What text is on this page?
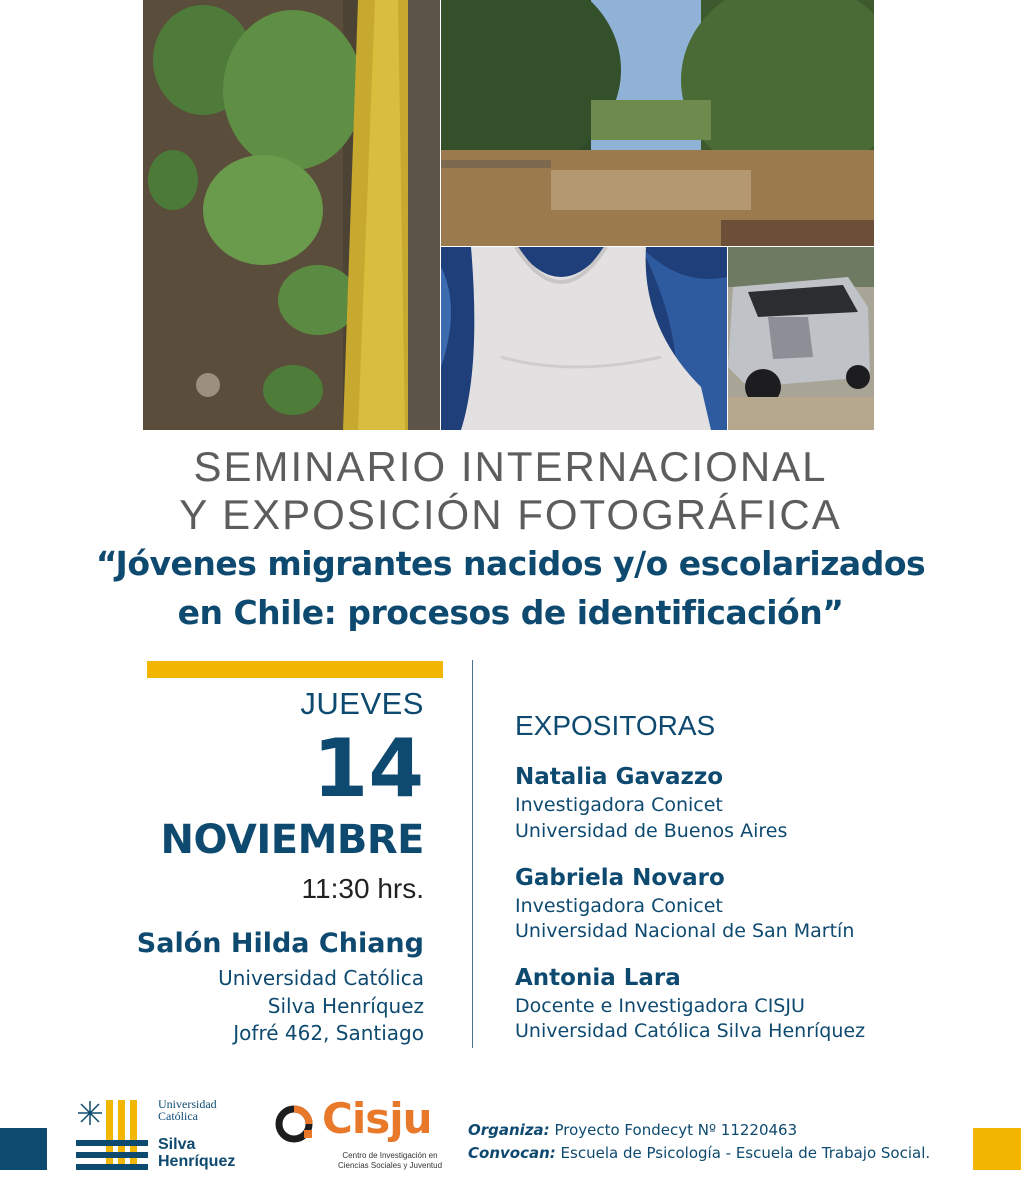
SEMINARIO INTERNACIONAL
Y EXPOSICIÓN FOTOGRÁFICA
“Jóvenes migrantes nacidos y/o escolarizados
en Chile: procesos de identificación”
JUEVES
14
NOVIEMBRE
11:30 hrs.
Salón Hilda Chiang
Universidad Católica
Silva Henríquez
Jofré 462, Santiago
EXPOSITORAS
Natalia Gavazzo
Investigadora Conicet
Universidad de Buenos Aires
Gabriela Novaro
Investigadora Conicet
Universidad Nacional de San Martín
Antonia Lara
Docente e Investigadora CISJU
Universidad Católica Silva Henríquez
Universidad
Católica
Silva
Henríquez
Cisju
Centro de Investigación en
Ciencias Sociales y Juventud
Organiza: Proyecto Fondecyt Nº 11220463
Convocan: Escuela de Psicología - Escuela de Trabajo Social.
